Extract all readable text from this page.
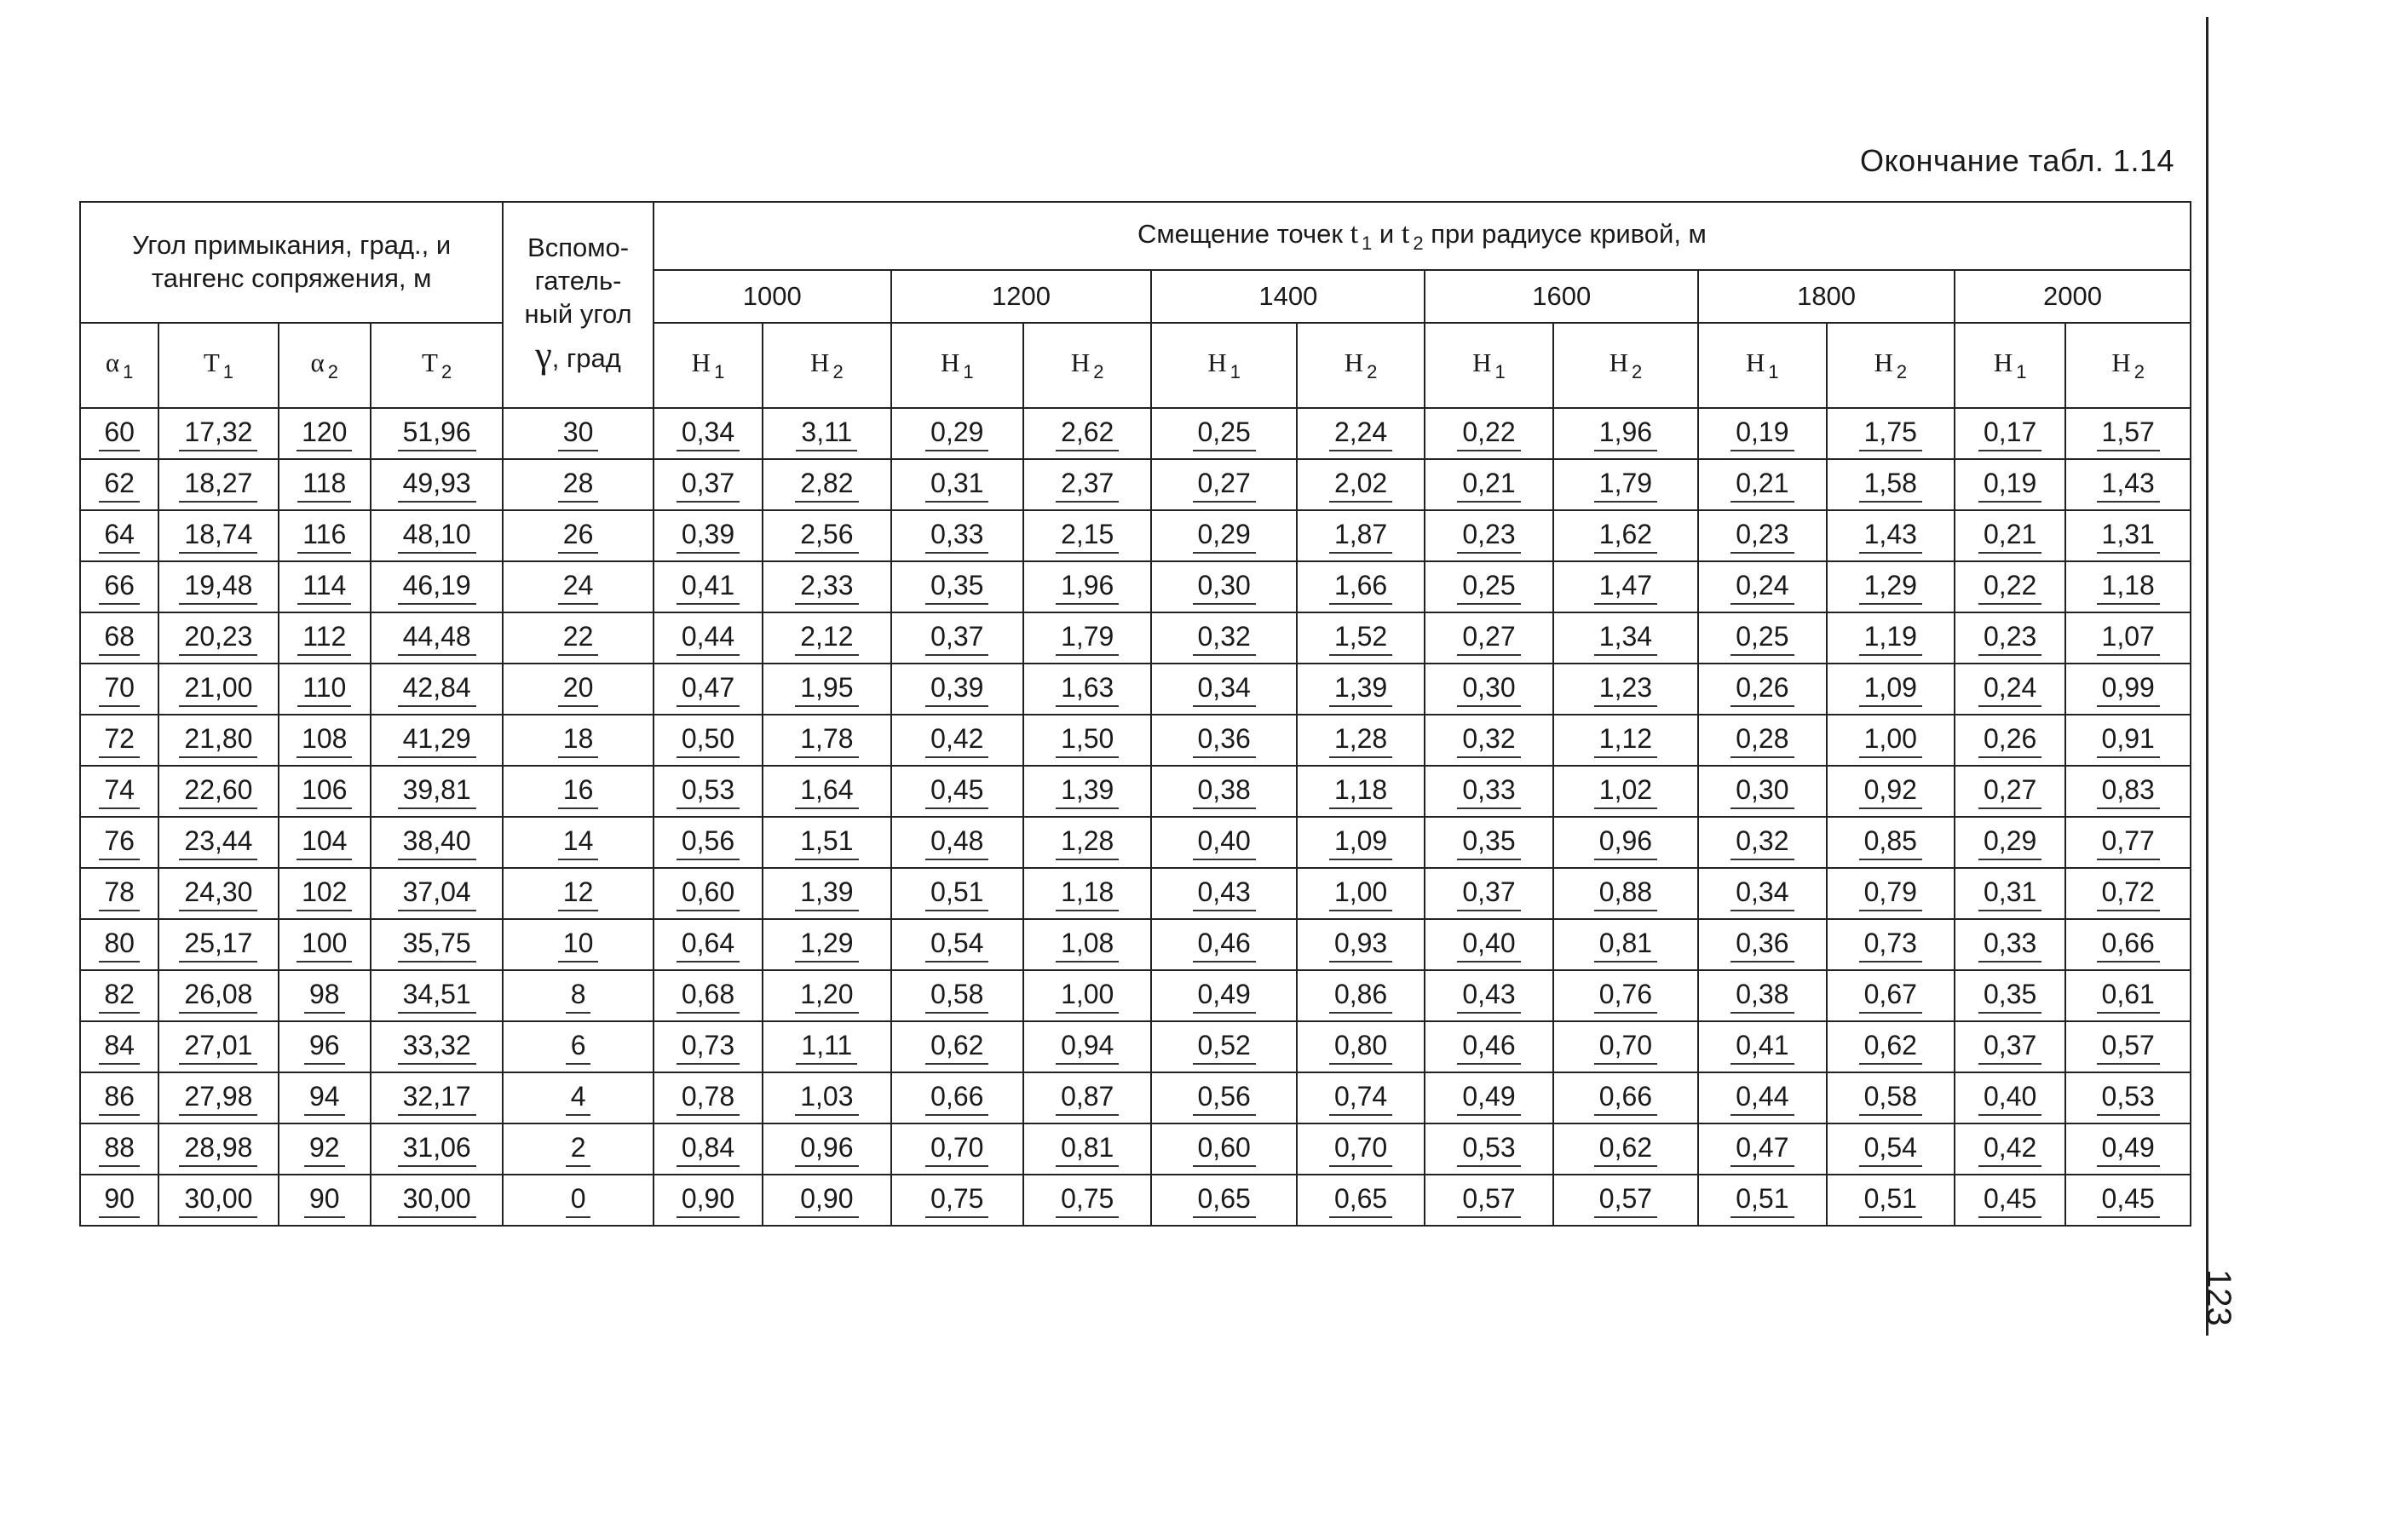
Окончание табл. 1.14
123
Угол примыкания, град., и тангенс сопряжения, м				Вспомо-гатель-ный угол
γ, град	Смещение точек t $_1$ и t $_2$ при радиусе кривой, м											
					1000		1200		1400		1600		1800		2000	
α $_1$	T $_1$	α $_2$	T $_2$		Н $_1$	Н $_2$	Н $_1$	Н $_2$	Н $_1$	Н $_2$	Н $_1$	Н $_2$	Н $_1$	Н $_2$	Н $_1$	Н $_2$
60	17,32	120	51,96	30	0,34	3,11	0,29	2,62	0,25	2,24	0,22	1,96	0,19	1,75	0,17	1,57
62	18,27	118	49,93	28	0,37	2,82	0,31	2,37	0,27	2,02	0,21	1,79	0,21	1,58	0,19	1,43
64	18,74	116	48,10	26	0,39	2,56	0,33	2,15	0,29	1,87	0,23	1,62	0,23	1,43	0,21	1,31
66	19,48	114	46,19	24	0,41	2,33	0,35	1,96	0,30	1,66	0,25	1,47	0,24	1,29	0,22	1,18
68	20,23	112	44,48	22	0,44	2,12	0,37	1,79	0,32	1,52	0,27	1,34	0,25	1,19	0,23	1,07
70	21,00	110	42,84	20	0,47	1,95	0,39	1,63	0,34	1,39	0,30	1,23	0,26	1,09	0,24	0,99
72	21,80	108	41,29	18	0,50	1,78	0,42	1,50	0,36	1,28	0,32	1,12	0,28	1,00	0,26	0,91
74	22,60	106	39,81	16	0,53	1,64	0,45	1,39	0,38	1,18	0,33	1,02	0,30	0,92	0,27	0,83
76	23,44	104	38,40	14	0,56	1,51	0,48	1,28	0,40	1,09	0,35	0,96	0,32	0,85	0,29	0,77
78	24,30	102	37,04	12	0,60	1,39	0,51	1,18	0,43	1,00	0,37	0,88	0,34	0,79	0,31	0,72
80	25,17	100	35,75	10	0,64	1,29	0,54	1,08	0,46	0,93	0,40	0,81	0,36	0,73	0,33	0,66
82	26,08	98	34,51	8	0,68	1,20	0,58	1,00	0,49	0,86	0,43	0,76	0,38	0,67	0,35	0,61
84	27,01	96	33,32	6	0,73	1,11	0,62	0,94	0,52	0,80	0,46	0,70	0,41	0,62	0,37	0,57
86	27,98	94	32,17	4	0,78	1,03	0,66	0,87	0,56	0,74	0,49	0,66	0,44	0,58	0,40	0,53
88	28,98	92	31,06	2	0,84	0,96	0,70	0,81	0,60	0,70	0,53	0,62	0,47	0,54	0,42	0,49
90	30,00	90	30,00	0	0,90	0,90	0,75	0,75	0,65	0,65	0,57	0,57	0,51	0,51	0,45	0,45
